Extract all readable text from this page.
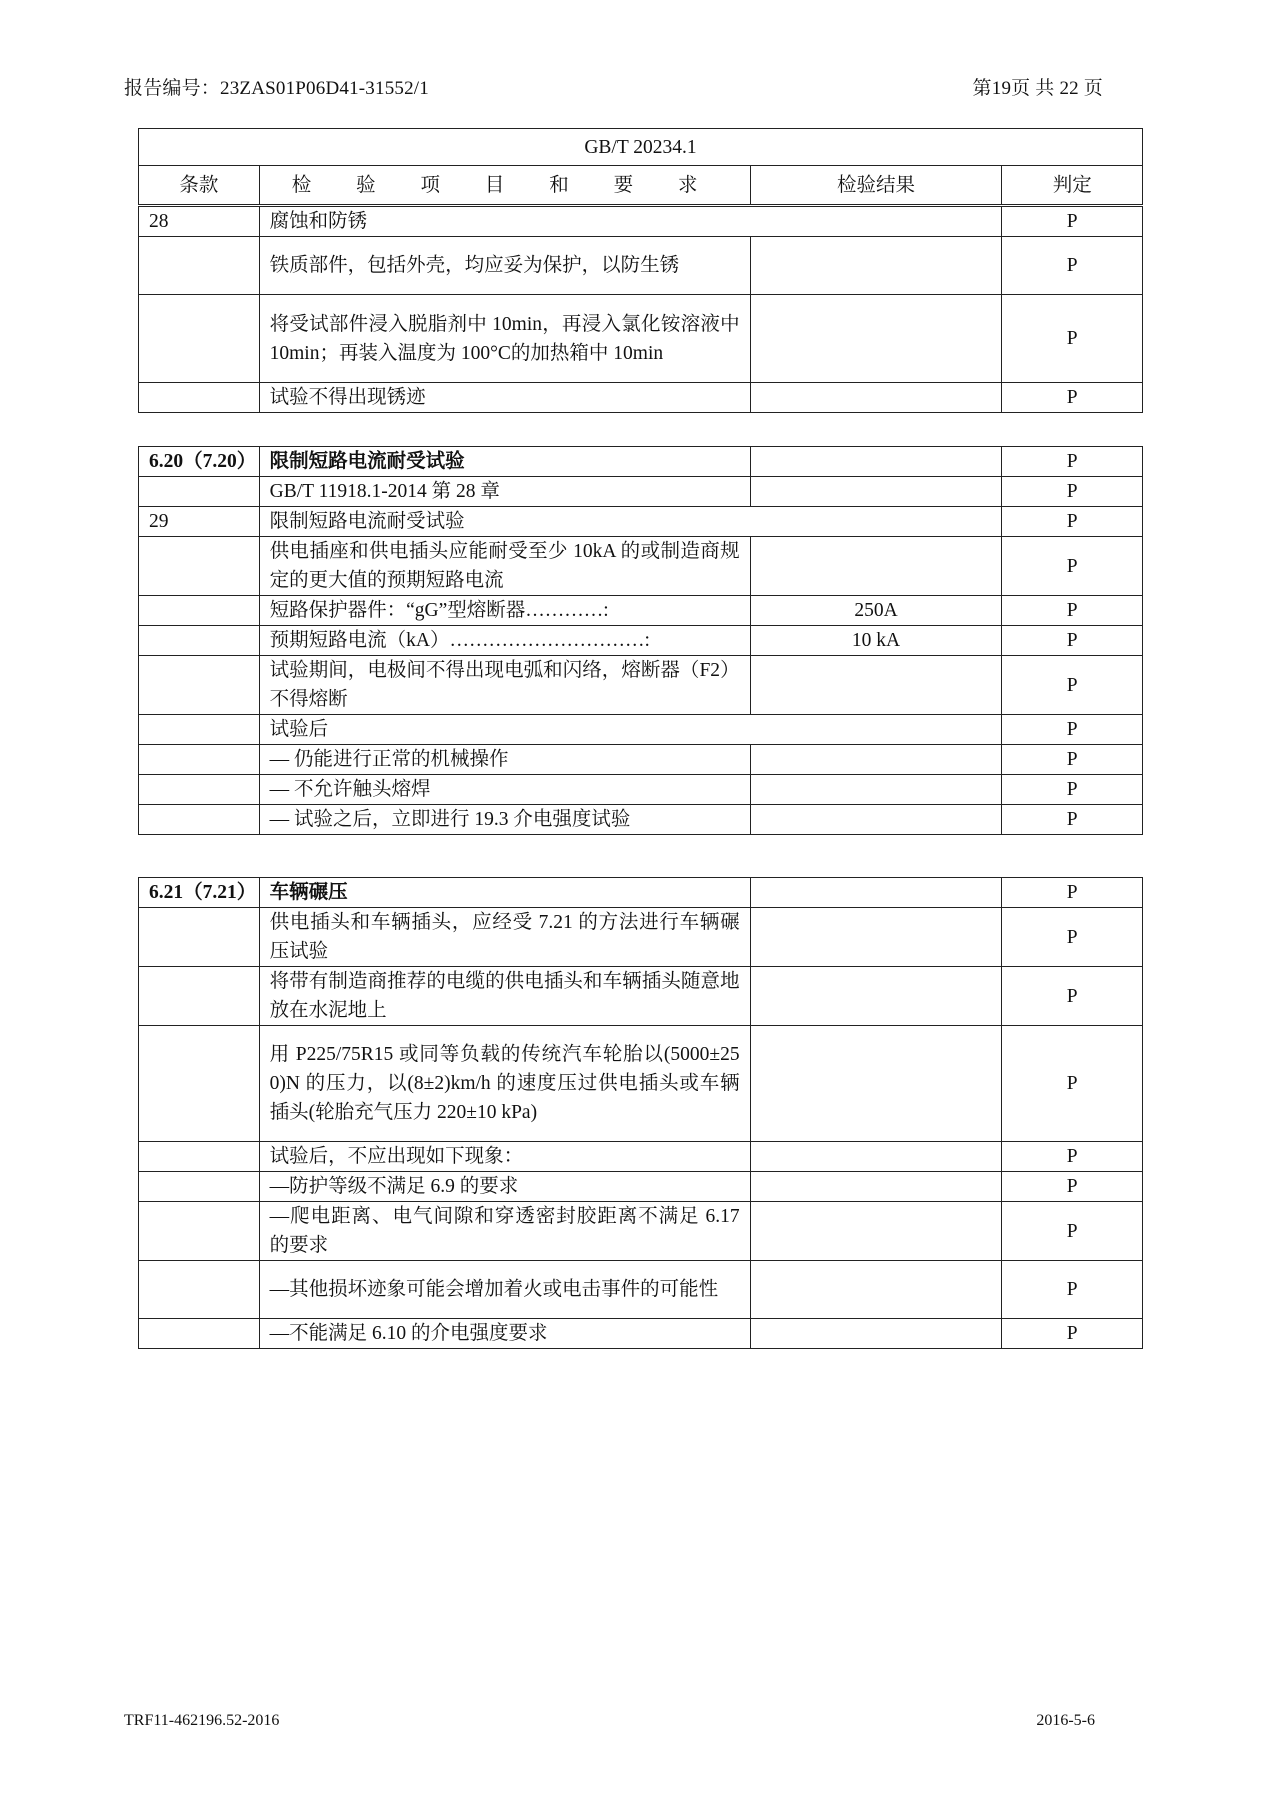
报告编号：23ZAS01P06D41-31552/1	第19页 共 22 页
GB/T 20234.1
条款	检 验 项 目 和 要 求	检验结果	判定
28	腐蚀和防锈		P
	铁质部件，包括外壳，均应妥为保护，以防生锈		P
	将受试部件浸入脱脂剂中 10min，再浸入氯化铵溶液中 10min；再装入温度为 100°C的加热箱中 10min		P
	试验不得出现锈迹		P
6.20（7.20）	限制短路电流耐受试验		P
	GB/T 11918.1-2014 第 28 章		P
29	限制短路电流耐受试验		P
	供电插座和供电插头应能耐受至少 10kA 的或制造商规定的更大值的预期短路电流		P
	短路保护器件：“gG”型熔断器…………:	250A	P
	预期短路电流（kA）…………………………:	10 kA	P
	试验期间，电极间不得出现电弧和闪络，熔断器（F2）不得熔断		P
	试验后		P
	— 仍能进行正常的机械操作		P
	— 不允许触头熔焊		P
	— 试验之后，立即进行 19.3 介电强度试验		P
6.21（7.21）	车辆碾压		P
	供电插头和车辆插头，应经受 7.21 的方法进行车辆碾压试验		P
	将带有制造商推荐的电缆的供电插头和车辆插头随意地放在水泥地上		P
	用 P225/75R15 或同等负载的传统汽车轮胎以(5000±250)N 的压力，以(8±2)km/h 的速度压过供电插头或车辆插头(轮胎充气压力 220±10 kPa)		P
	试验后，不应出现如下现象：		P
	—防护等级不满足 6.9 的要求		P
	—爬电距离、电气间隙和穿透密封胶距离不满足 6.17 的要求		P
	—其他损坏迹象可能会增加着火或电击事件的可能性		P
	—不能满足 6.10 的介电强度要求		P
TRF11-462196.52-2016	2016-5-6
